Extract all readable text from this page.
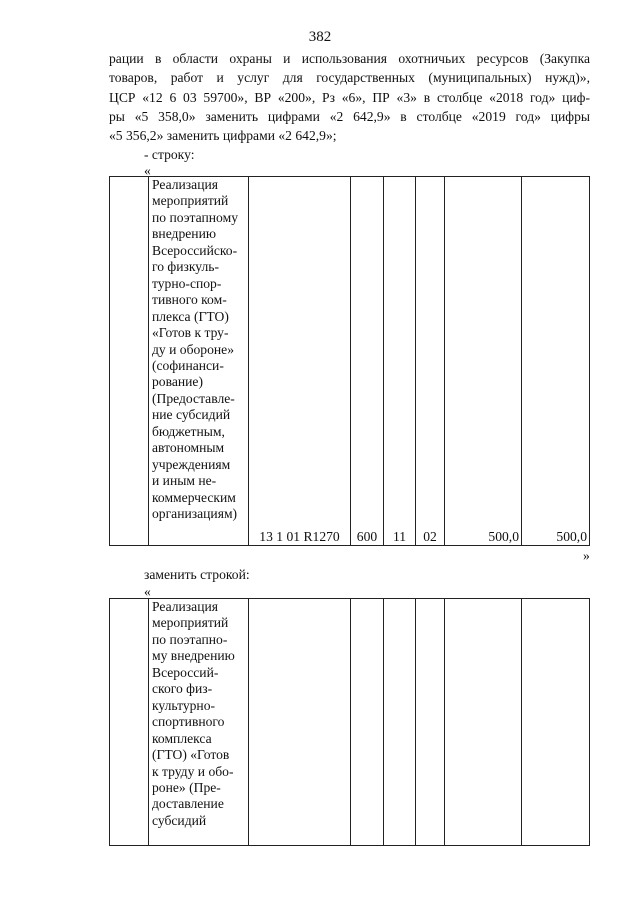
382
рации в области охраны и использования охотничьих ресурсов (Закупка
товаров, работ и услуг для государственных (муниципальных) нужд)»,
ЦСР «12 6 03 59700», ВР «200», Рз «6», ПР «3» в столбце «2018 год» циф-
ры «5 358,0» заменить цифрами «2 642,9» в столбце «2019 год» цифры
«5 356,2» заменить цифрами «2 642,9»;
- строку:
«

Реализация
мероприятий
по поэтапному
внедрению
Всероссийско-
го физкуль-
турно-спор-
тивного ком-
плекса (ГТО)
«Готов к тру-
ду и обороне»
(софинанси-
рование)
(Предоставле-
ние субсидий
бюджетным,
автономным
учреждениям
и иным не-
коммерческим
организациям)
	13 1 01 R1270	600	11	02	500,0	500,0
»
заменить строкой:
«

Реализация
мероприятий
по поэтапно-
му внедрению
Всероссий-
ского физ-
культурно-
спортивного
комплекса
(ГТО) «Готов
к труду и обо-
роне» (Пре-
доставление
субсидий
